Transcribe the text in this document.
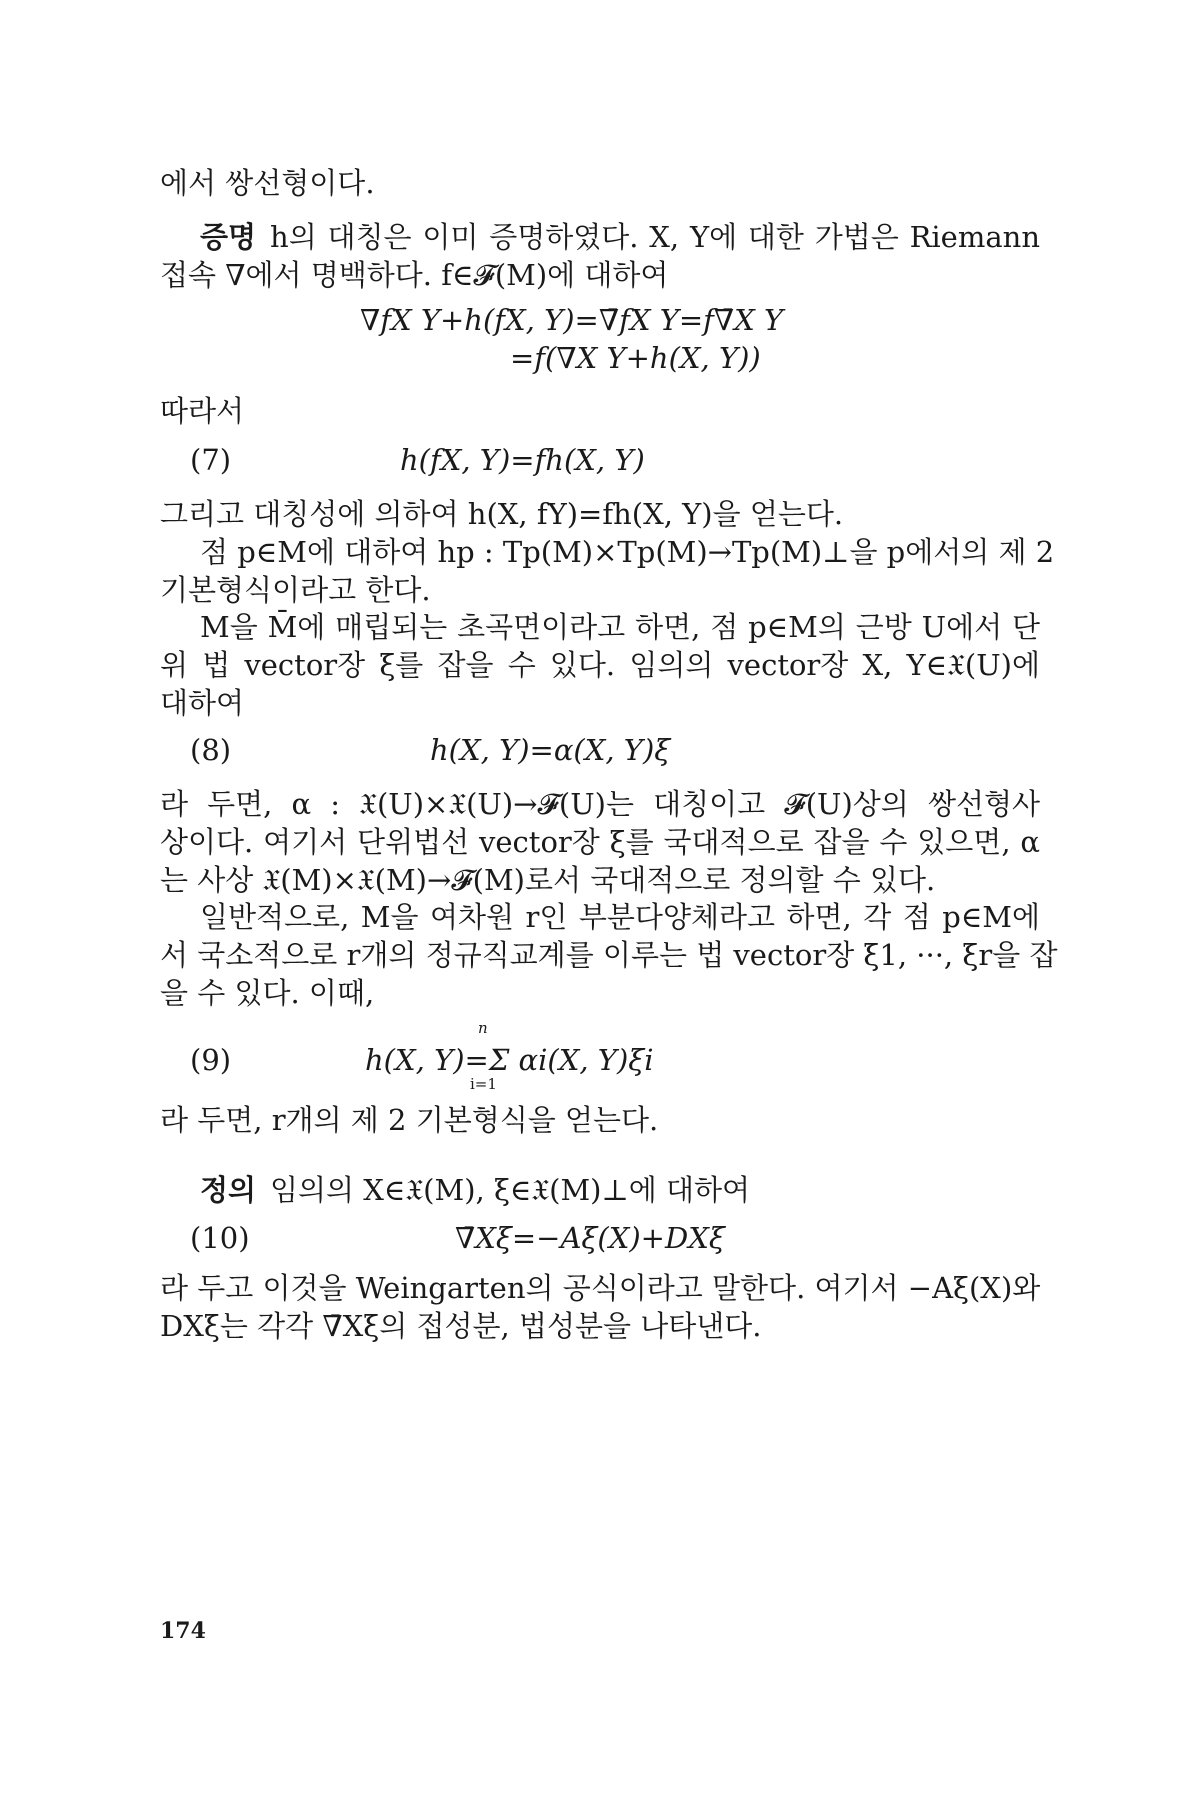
에서 쌍선형이다.
증명 h의 대칭은 이미 증명하였다. X, Y에 대한 가법은 Riemann
접속 ∇에서 명백하다. f∈𝓕(M)에 대하여
∇fX Y+h(fX, Y)=∇̄fX Y=f∇̄X Y
=f(∇X Y+h(X, Y))
따라서
(7)	h(fX, Y)=fh(X, Y)
그리고 대칭성에 의하여 h(X, fY)=fh(X, Y)을 얻는다.
점 p∈M에 대하여 hp : Tp(M)×Tp(M)→Tp(M)⊥을 p에서의 제 2
기본형식이라고 한다.
M을 M̄에 매립되는 초곡면이라고 하면, 점 p∈M의 근방 U에서 단
위 법 vector장 ξ를 잡을 수 있다. 임의의 vector장 X, Y∈𝔛(U)에
대하여
(8)	h(X, Y)=α(X, Y)ξ
라 두면, α : 𝔛(U)×𝔛(U)→𝓕(U)는 대칭이고 𝓕(U)상의 쌍선형사
상이다. 여기서 단위법선 vector장 ξ를 국대적으로 잡을 수 있으면, α
는 사상 𝔛(M)×𝔛(M)→𝓕(M)로서 국대적으로 정의할 수 있다.
일반적으로, M을 여차원 r인 부분다양체라고 하면, 각 점 p∈M에
서 국소적으로 r개의 정규직교계를 이루는 법 vector장 ξ1, ···, ξr을 잡
을 수 있다. 이때,
(9)	h(X, Y)=Σ αi(X, Y)ξi
n
i=1
라 두면, r개의 제 2 기본형식을 얻는다.
정의 임의의 X∈𝔛(M), ξ∈𝔛(M)⊥에 대하여
(10)	∇̄Xξ=−Aξ(X)+DXξ
라 두고 이것을 Weingarten의 공식이라고 말한다. 여기서 −Aξ(X)와
DXξ는 각각 ∇̄Xξ의 접성분, 법성분을 나타낸다.
174
